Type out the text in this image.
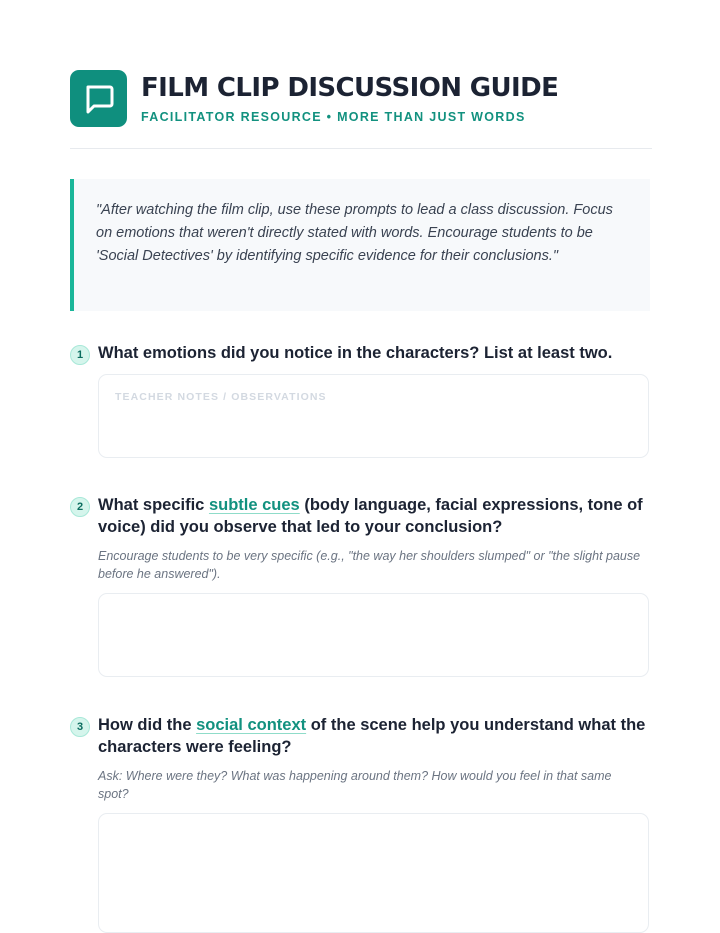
FILM CLIP DISCUSSION GUIDE
FACILITATOR RESOURCE • MORE THAN JUST WORDS

"After watching the film clip, use these prompts to lead a class discussion. Focus on emotions that weren't directly stated with words. Encourage students to be 'Social Detectives' by identifying specific evidence for their conclusions."

1 What emotions did you notice in the characters? List at least two.

TEACHER NOTES / OBSERVATIONS
2 What specific subtle cues (body language, facial expressions, tone of voice) did you observe that led to your conclusion?

Encourage students to be very specific (e.g., "the way her shoulders slumped" or "the slight pause before he answered").

3 How did the social context of the scene help you understand what the characters were feeling?

Ask: Where were they? What was happening around them? How would you feel in that same spot?
